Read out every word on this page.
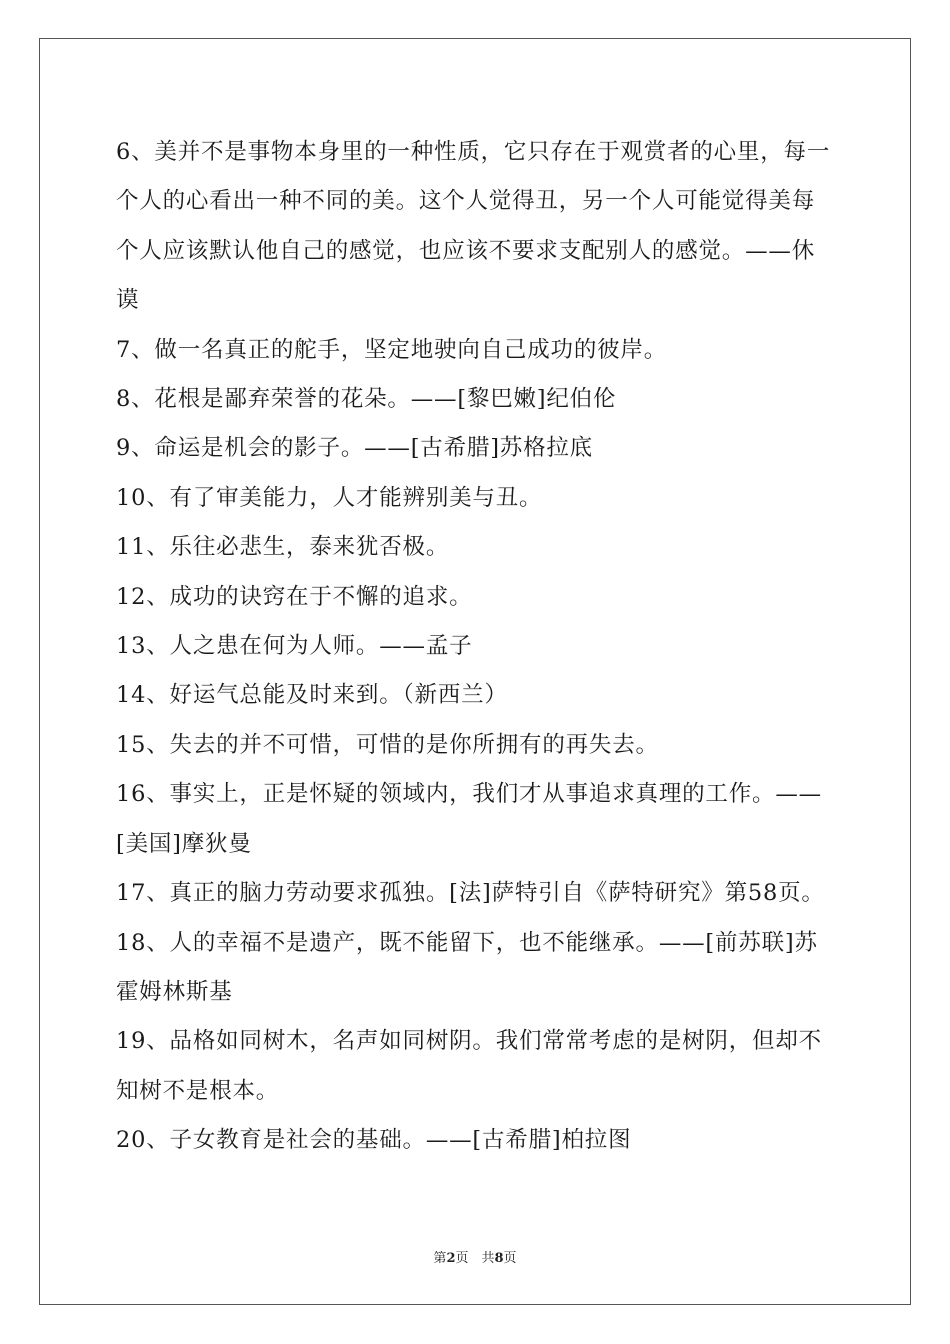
6、美并不是事物本身里的一种性质，它只存在于观赏者的心里，每一个人的心看出一种不同的美。这个人觉得丑，另一个人可能觉得美每个人应该默认他自己的感觉，也应该不要求支配别人的感觉。——休谟

7、做一名真正的舵手，坚定地驶向自己成功的彼岸。

8、花根是鄙弃荣誉的花朵。——[黎巴嫩]纪伯伦

9、命运是机会的影子。——[古希腊]苏格拉底

10、有了审美能力，人才能辨别美与丑。

11、乐往必悲生，泰来犹否极。

12、成功的诀窍在于不懈的追求。

13、人之患在何为人师。——孟子

14、好运气总能及时来到。（新西兰）

15、失去的并不可惜，可惜的是你所拥有的再失去。

16、事实上，正是怀疑的领域内，我们才从事追求真理的工作。——[美国]摩狄曼

17、真正的脑力劳动要求孤独。[法]萨特引自《萨特研究》第58页。

18、人的幸福不是遗产，既不能留下，也不能继承。——[前苏联]苏霍姆林斯基

19、品格如同树木，名声如同树阴。我们常常考虑的是树阴，但却不知树不是根本。

20、子女教育是社会的基础。——[古希腊]柏拉图

第2页　共8页
